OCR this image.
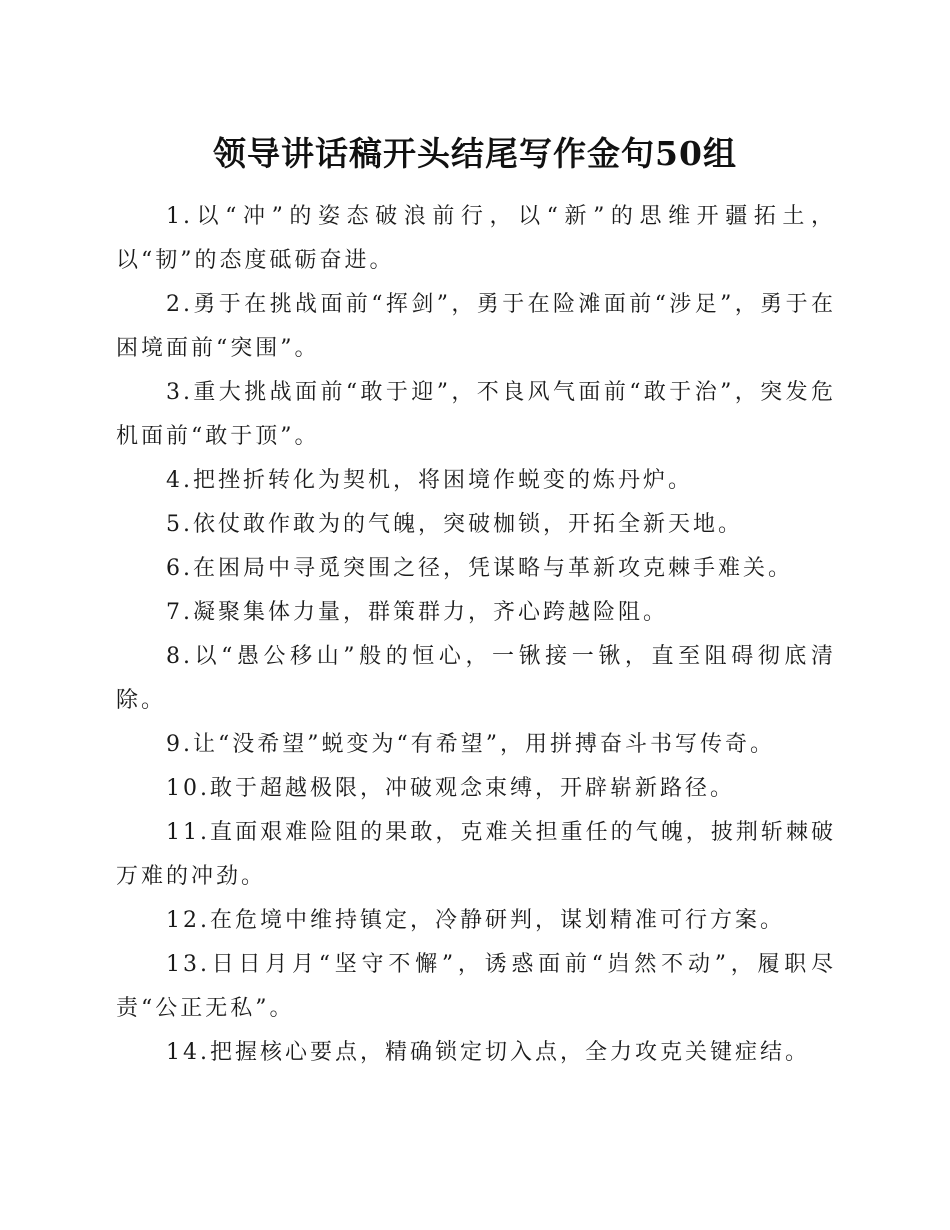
领导讲话稿开头结尾写作金句50组

1.以“冲”的姿态破浪前行，以“新”的思维开疆拓土，以“韧”的态度砥砺奋进。

2.勇于在挑战面前“挥剑”，勇于在险滩面前“涉足”，勇于在困境面前“突围”。

3.重大挑战面前“敢于迎”，不良风气面前“敢于治”，突发危机面前“敢于顶”。

4.把挫折转化为契机，将困境作蜕变的炼丹炉。

5.依仗敢作敢为的气魄，突破枷锁，开拓全新天地。

6.在困局中寻觅突围之径，凭谋略与革新攻克棘手难关。

7.凝聚集体力量，群策群力，齐心跨越险阻。

8.以“愚公移山”般的恒心，一锹接一锹，直至阻碍彻底清除。

9.让“没希望”蜕变为“有希望”，用拼搏奋斗书写传奇。

10.敢于超越极限，冲破观念束缚，开辟崭新路径。

11.直面艰难险阻的果敢，克难关担重任的气魄，披荆斩棘破万难的冲劲。

12.在危境中维持镇定，冷静研判，谋划精准可行方案。

13.日日月月“坚守不懈”，诱惑面前“岿然不动”，履职尽责“公正无私”。

14.把握核心要点，精确锁定切入点，全力攻克关键症结。
